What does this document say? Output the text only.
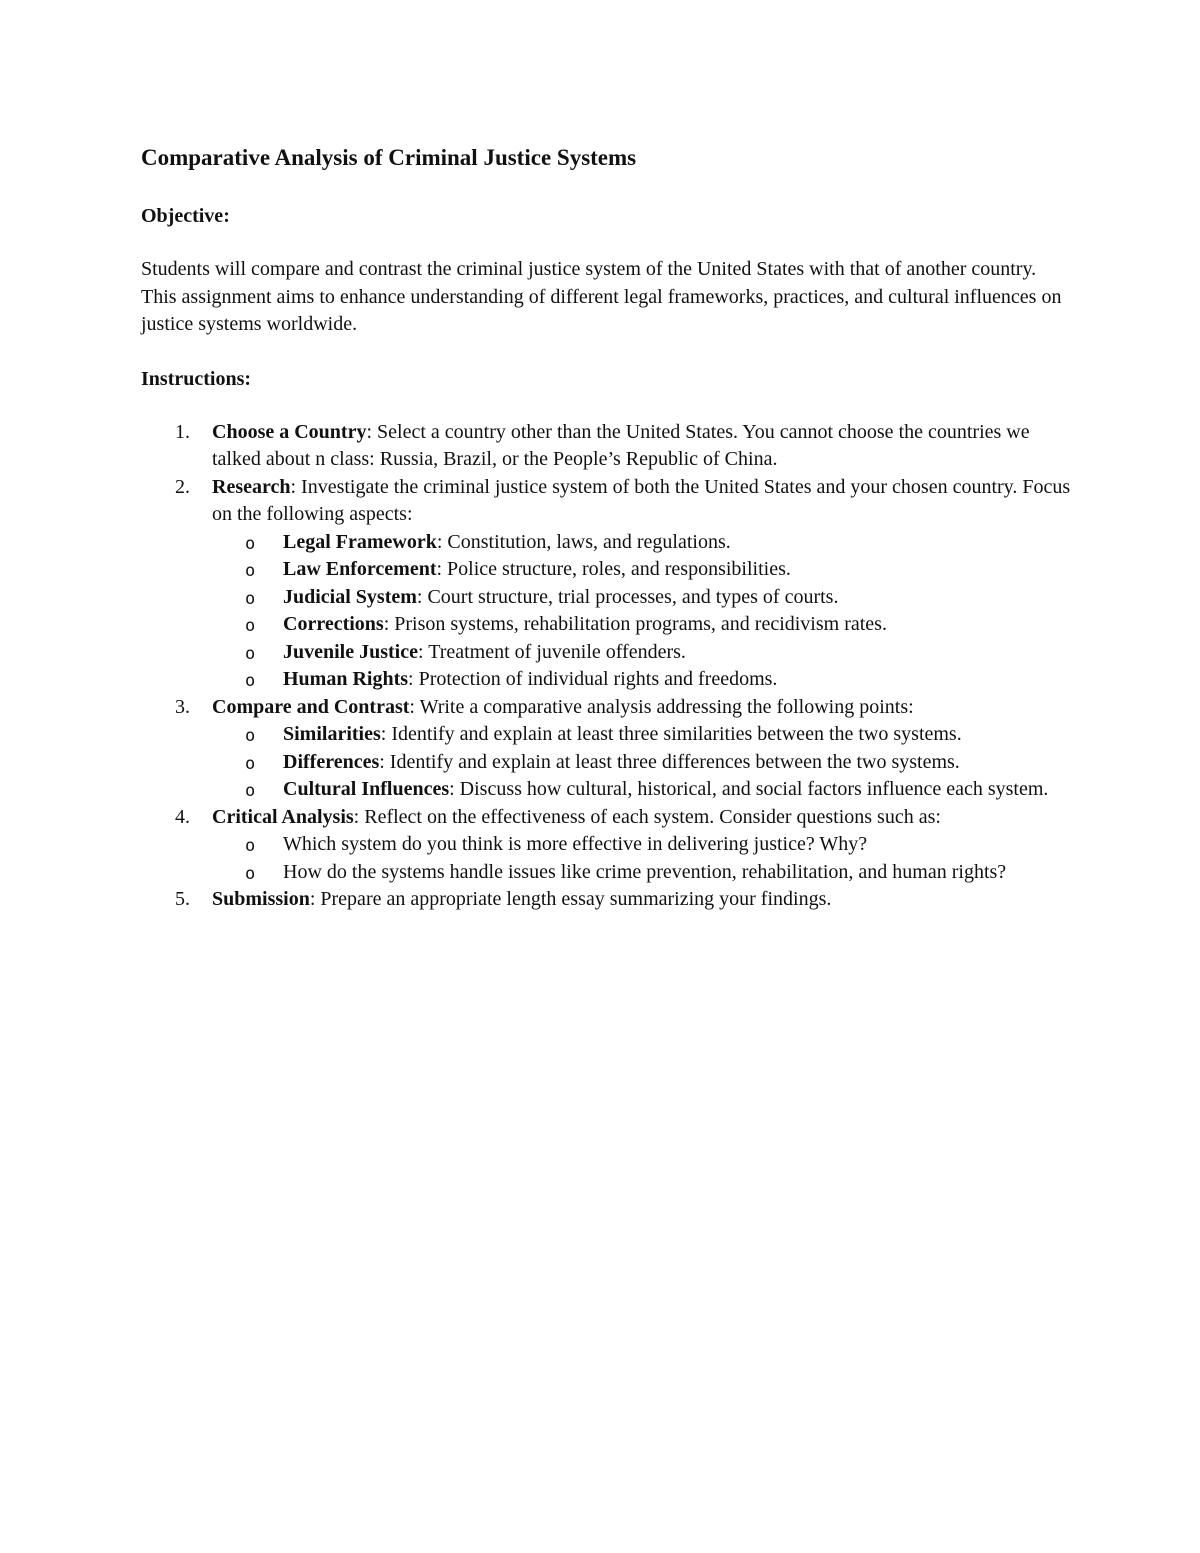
Comparative Analysis of Criminal Justice Systems
Objective:
Students will compare and contrast the criminal justice system of the United States with that of another country. This assignment aims to enhance understanding of different legal frameworks, practices, and cultural influences on justice systems worldwide.
Instructions:
1. Choose a Country: Select a country other than the United States. You cannot choose the countries we talked about n class: Russia, Brazil, or the People’s Republic of China.
2. Research: Investigate the criminal justice system of both the United States and your chosen country. Focus on the following aspects:
o Legal Framework: Constitution, laws, and regulations.
o Law Enforcement: Police structure, roles, and responsibilities.
o Judicial System: Court structure, trial processes, and types of courts.
o Corrections: Prison systems, rehabilitation programs, and recidivism rates.
o Juvenile Justice: Treatment of juvenile offenders.
o Human Rights: Protection of individual rights and freedoms.
3. Compare and Contrast: Write a comparative analysis addressing the following points:
o Similarities: Identify and explain at least three similarities between the two systems.
o Differences: Identify and explain at least three differences between the two systems.
o Cultural Influences: Discuss how cultural, historical, and social factors influence each system.
4. Critical Analysis: Reflect on the effectiveness of each system. Consider questions such as:
o Which system do you think is more effective in delivering justice? Why?
o How do the systems handle issues like crime prevention, rehabilitation, and human rights?
5. Submission: Prepare an appropriate length essay summarizing your findings.
